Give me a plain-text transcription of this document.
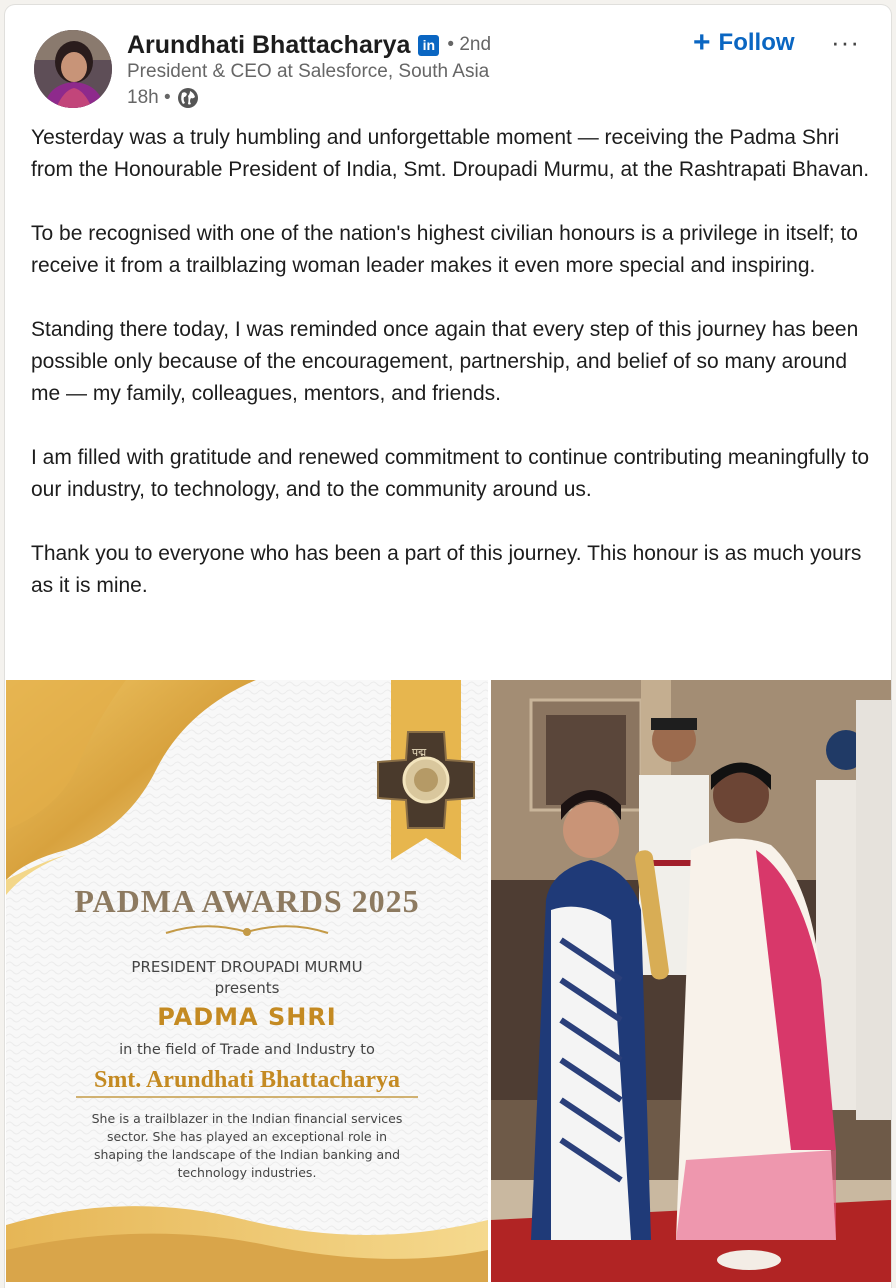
Arundhati Bhattacharya in • 2nd
President & CEO at Salesforce, South Asia
18h •
+ Follow ···

Yesterday was a truly humbling and unforgettable moment — receiving the Padma Shri from the Honourable President of India, Smt. Droupadi Murmu, at the Rashtrapati Bhavan.

To be recognised with one of the nation's highest civilian honours is a privilege in itself; to receive it from a trailblazing woman leader makes it even more special and inspiring.

Standing there today, I was reminded once again that every step of this journey has been possible only because of the encouragement, partnership, and belief of so many around me — my family, colleagues, mentors, and friends.

I am filled with gratitude and renewed commitment to continue contributing meaningfully to our industry, to technology, and to the community around us.

Thank you to everyone who has been a part of this journey. This honour is as much yours as it is mine.

पद्म
PADMA AWARDS 2025
PRESIDENT DROUPADI MURMU
presents
PADMA SHRI
in the field of Trade and Industry to
Smt. Arundhati Bhattacharya
She is a trailblazer in the Indian financial services
sector. She has played an exceptional role in
shaping the landscape of the Indian banking and
technology industries.
